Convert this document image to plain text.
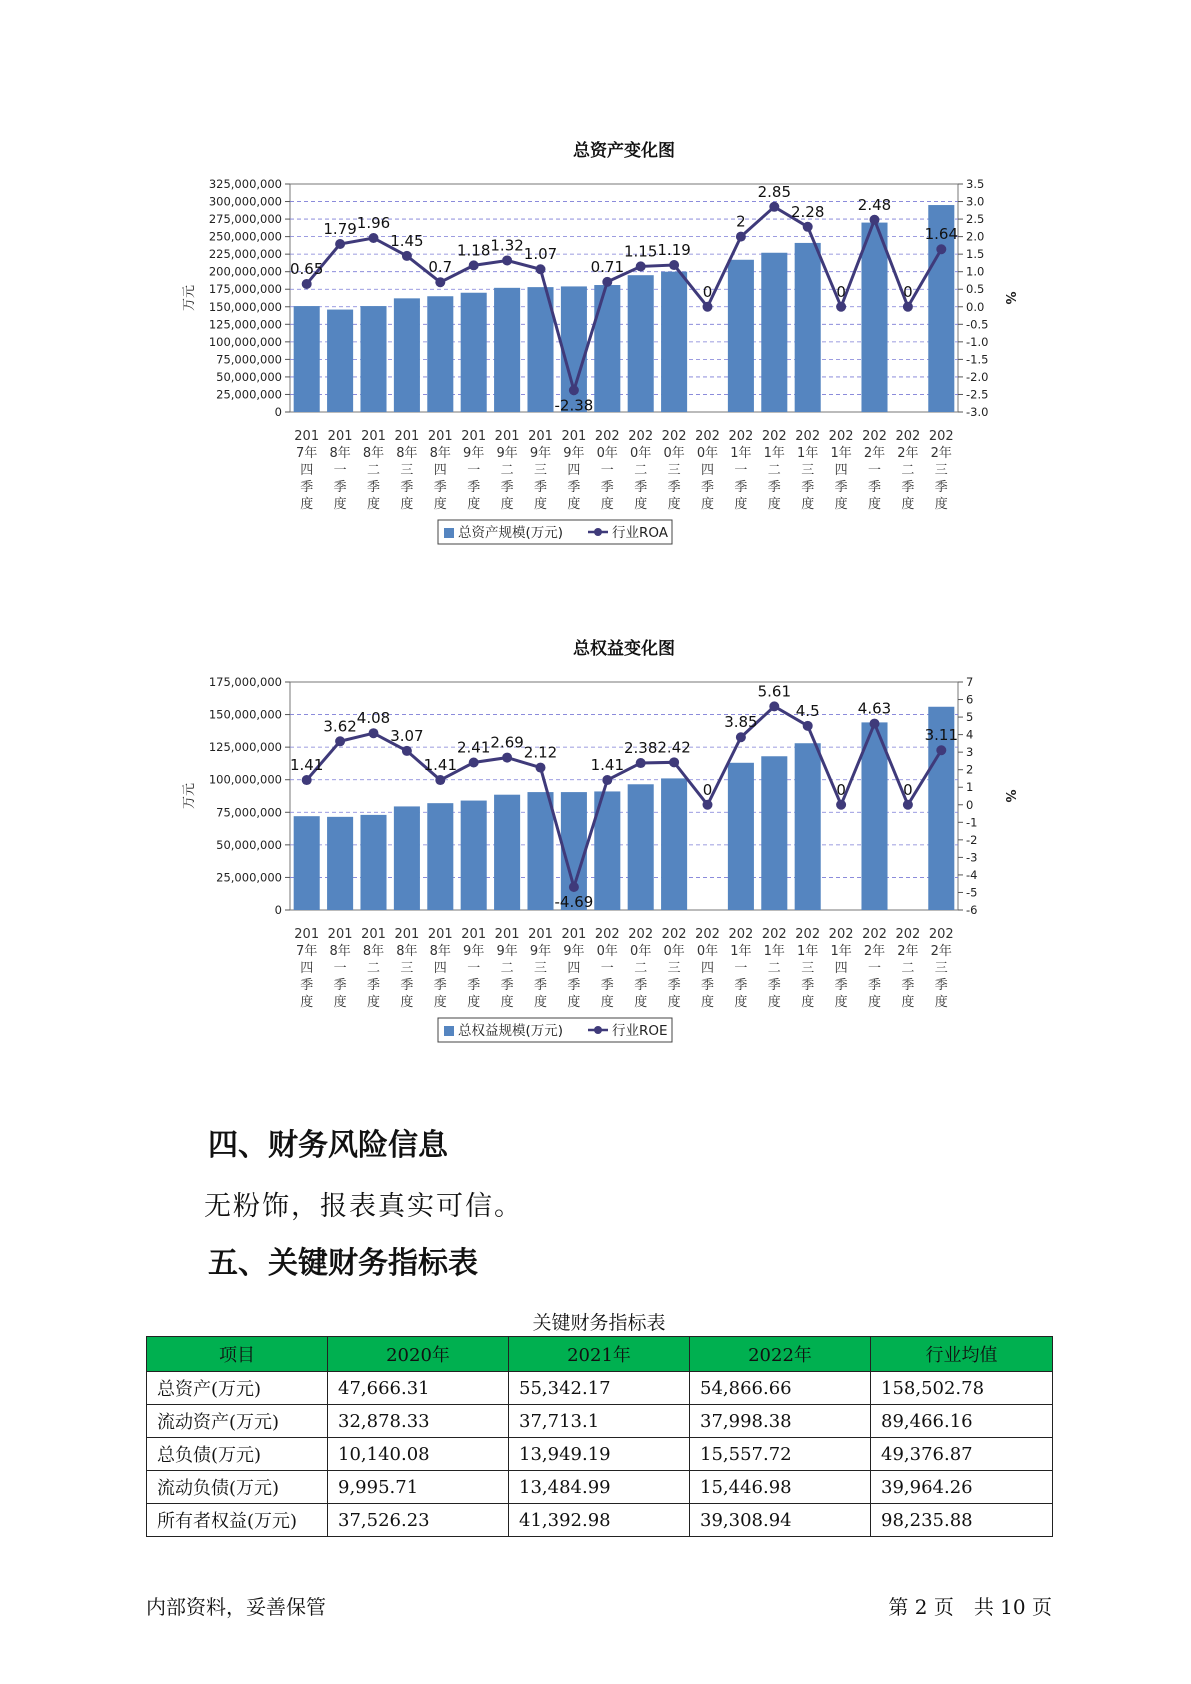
总资产变化图
325,000,000
300,000,000
275,000,000
250,000,000
225,000,000
200,000,000
175,000,000
150,000,000
125,000,000
100,000,000
75,000,000
50,000,000
25,000,000
0
3.5
3.0
2.5
2.0
1.5
1.0
0.5
0.0
-0.5
-1.0
-1.5
-2.0
-2.5
-3.0
万元	%
0.65
1.79 1.96
1.45
0.7
1.18 1.32 1.07
-2.38
0.71
1.15 1.19
0
2
2.85
2.28
0
2.48
0
1.64
201 7年四季度
201 8年一季度
201 8年二季度
201 8年三季度
201 8年四季度
201 9年一季度
201 9年二季度
201 9年三季度
201 9年四季度
202 0年一季度
202 0年二季度
202 0年三季度
202 0年四季度
202 1年一季度
202 1年二季度
202 1年三季度
202 1年四季度
202 2年一季度
202 2年二季度
202 2年三季度
总资产规模(万元)	行业ROA
总权益变化图
175,000,000
150,000,000
125,000,000
100,000,000
75,000,000
50,000,000
25,000,000
0
7
6
5
4
3
2
1
0
-1
-2
-3
-4
-5
-6
万元	%
1.41
3.62 4.08
3.07
1.41
2.41 2.69
2.12
-4.69
1.41
2.38 2.42
0
3.85
5.61
4.5
0
4.63
0
3.11
201 7年四季度
201 8年一季度
201 8年二季度
201 8年三季度
201 8年四季度
201 9年一季度
201 9年二季度
201 9年三季度
201 9年四季度
202 0年一季度
202 0年二季度
202 0年三季度
202 0年四季度
202 1年一季度
202 1年二季度
202 1年三季度
202 1年四季度
202 2年一季度
202 2年二季度
202 2年三季度
总权益规模(万元)	行业ROE
四、财务风险信息

无粉饰，报表真实可信。

五、关键财务指标表
关键财务指标表
项目	2020年	2021年	2022年	行业均值
总资产(万元)	47,666.31	55,342.17	54,866.66	158,502.78
流动资产(万元)	32,878.33	37,713.1	37,998.38	89,466.16
总负债(万元)	10,140.08	13,949.19	15,557.72	49,376.87
流动负债(万元)	9,995.71	13,484.99	15,446.98	39,964.26
所有者权益(万元)	37,526.23	41,392.98	39,308.94	98,235.88
内部资料，妥善保管	第 2 页　共 10 页
